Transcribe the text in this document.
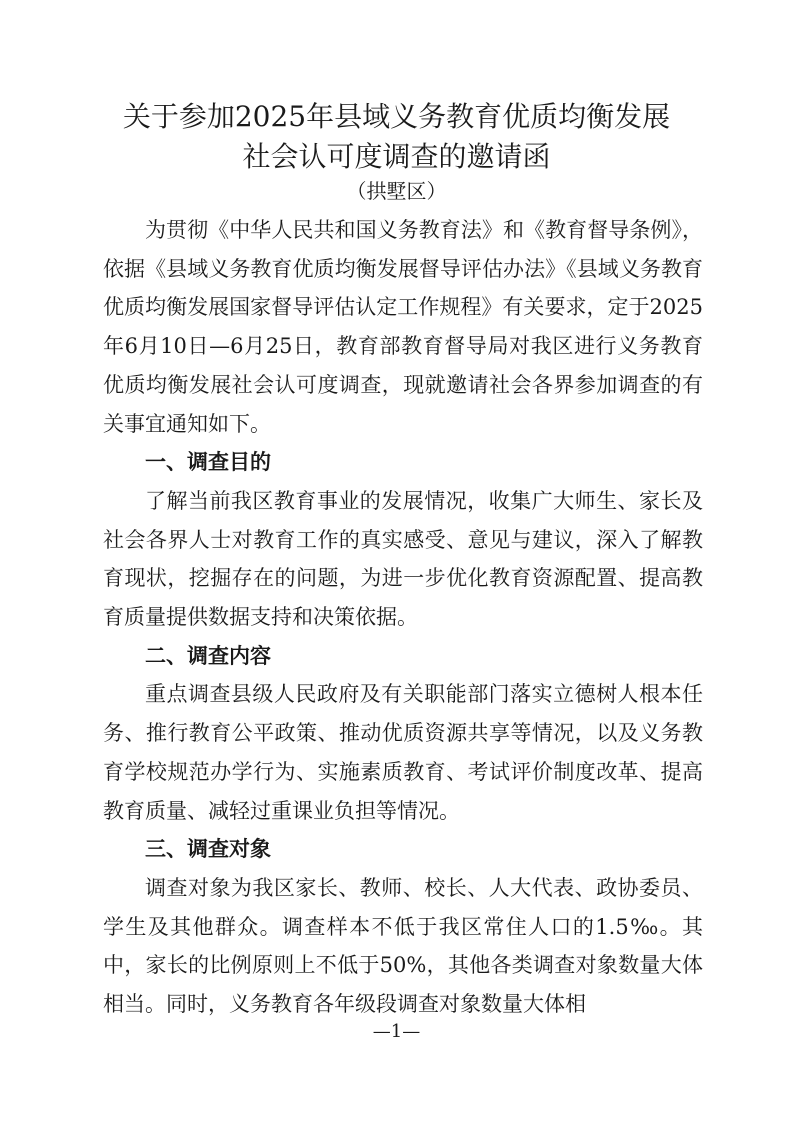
关于参加2025年县域义务教育优质均衡发展
社会认可度调查的邀请函
（拱墅区）

为贯彻《中华人民共和国义务教育法》和《教育督导条例》，依据《县域义务教育优质均衡发展督导评估办法》《县域义务教育优质均衡发展国家督导评估认定工作规程》有关要求，定于2025年6月10日—6月25日，教育部教育督导局对我区进行义务教育优质均衡发展社会认可度调查，现就邀请社会各界参加调查的有关事宜通知如下。

一、调查目的

了解当前我区教育事业的发展情况，收集广大师生、家长及社会各界人士对教育工作的真实感受、意见与建议，深入了解教育现状，挖掘存在的问题，为进一步优化教育资源配置、提高教育质量提供数据支持和决策依据。

二、调查内容

重点调查县级人民政府及有关职能部门落实立德树人根本任务、推行教育公平政策、推动优质资源共享等情况，以及义务教育学校规范办学行为、实施素质教育、考试评价制度改革、提高教育质量、减轻过重课业负担等情况。

三、调查对象

调查对象为我区家长、教师、校长、人大代表、政协委员、学生及其他群众。调查样本不低于我区常住人口的1.5‰。其中，家长的比例原则上不低于50%，其他各类调查对象数量大体相当。同时，义务教育各年级段调查对象数量大体相

—1—
